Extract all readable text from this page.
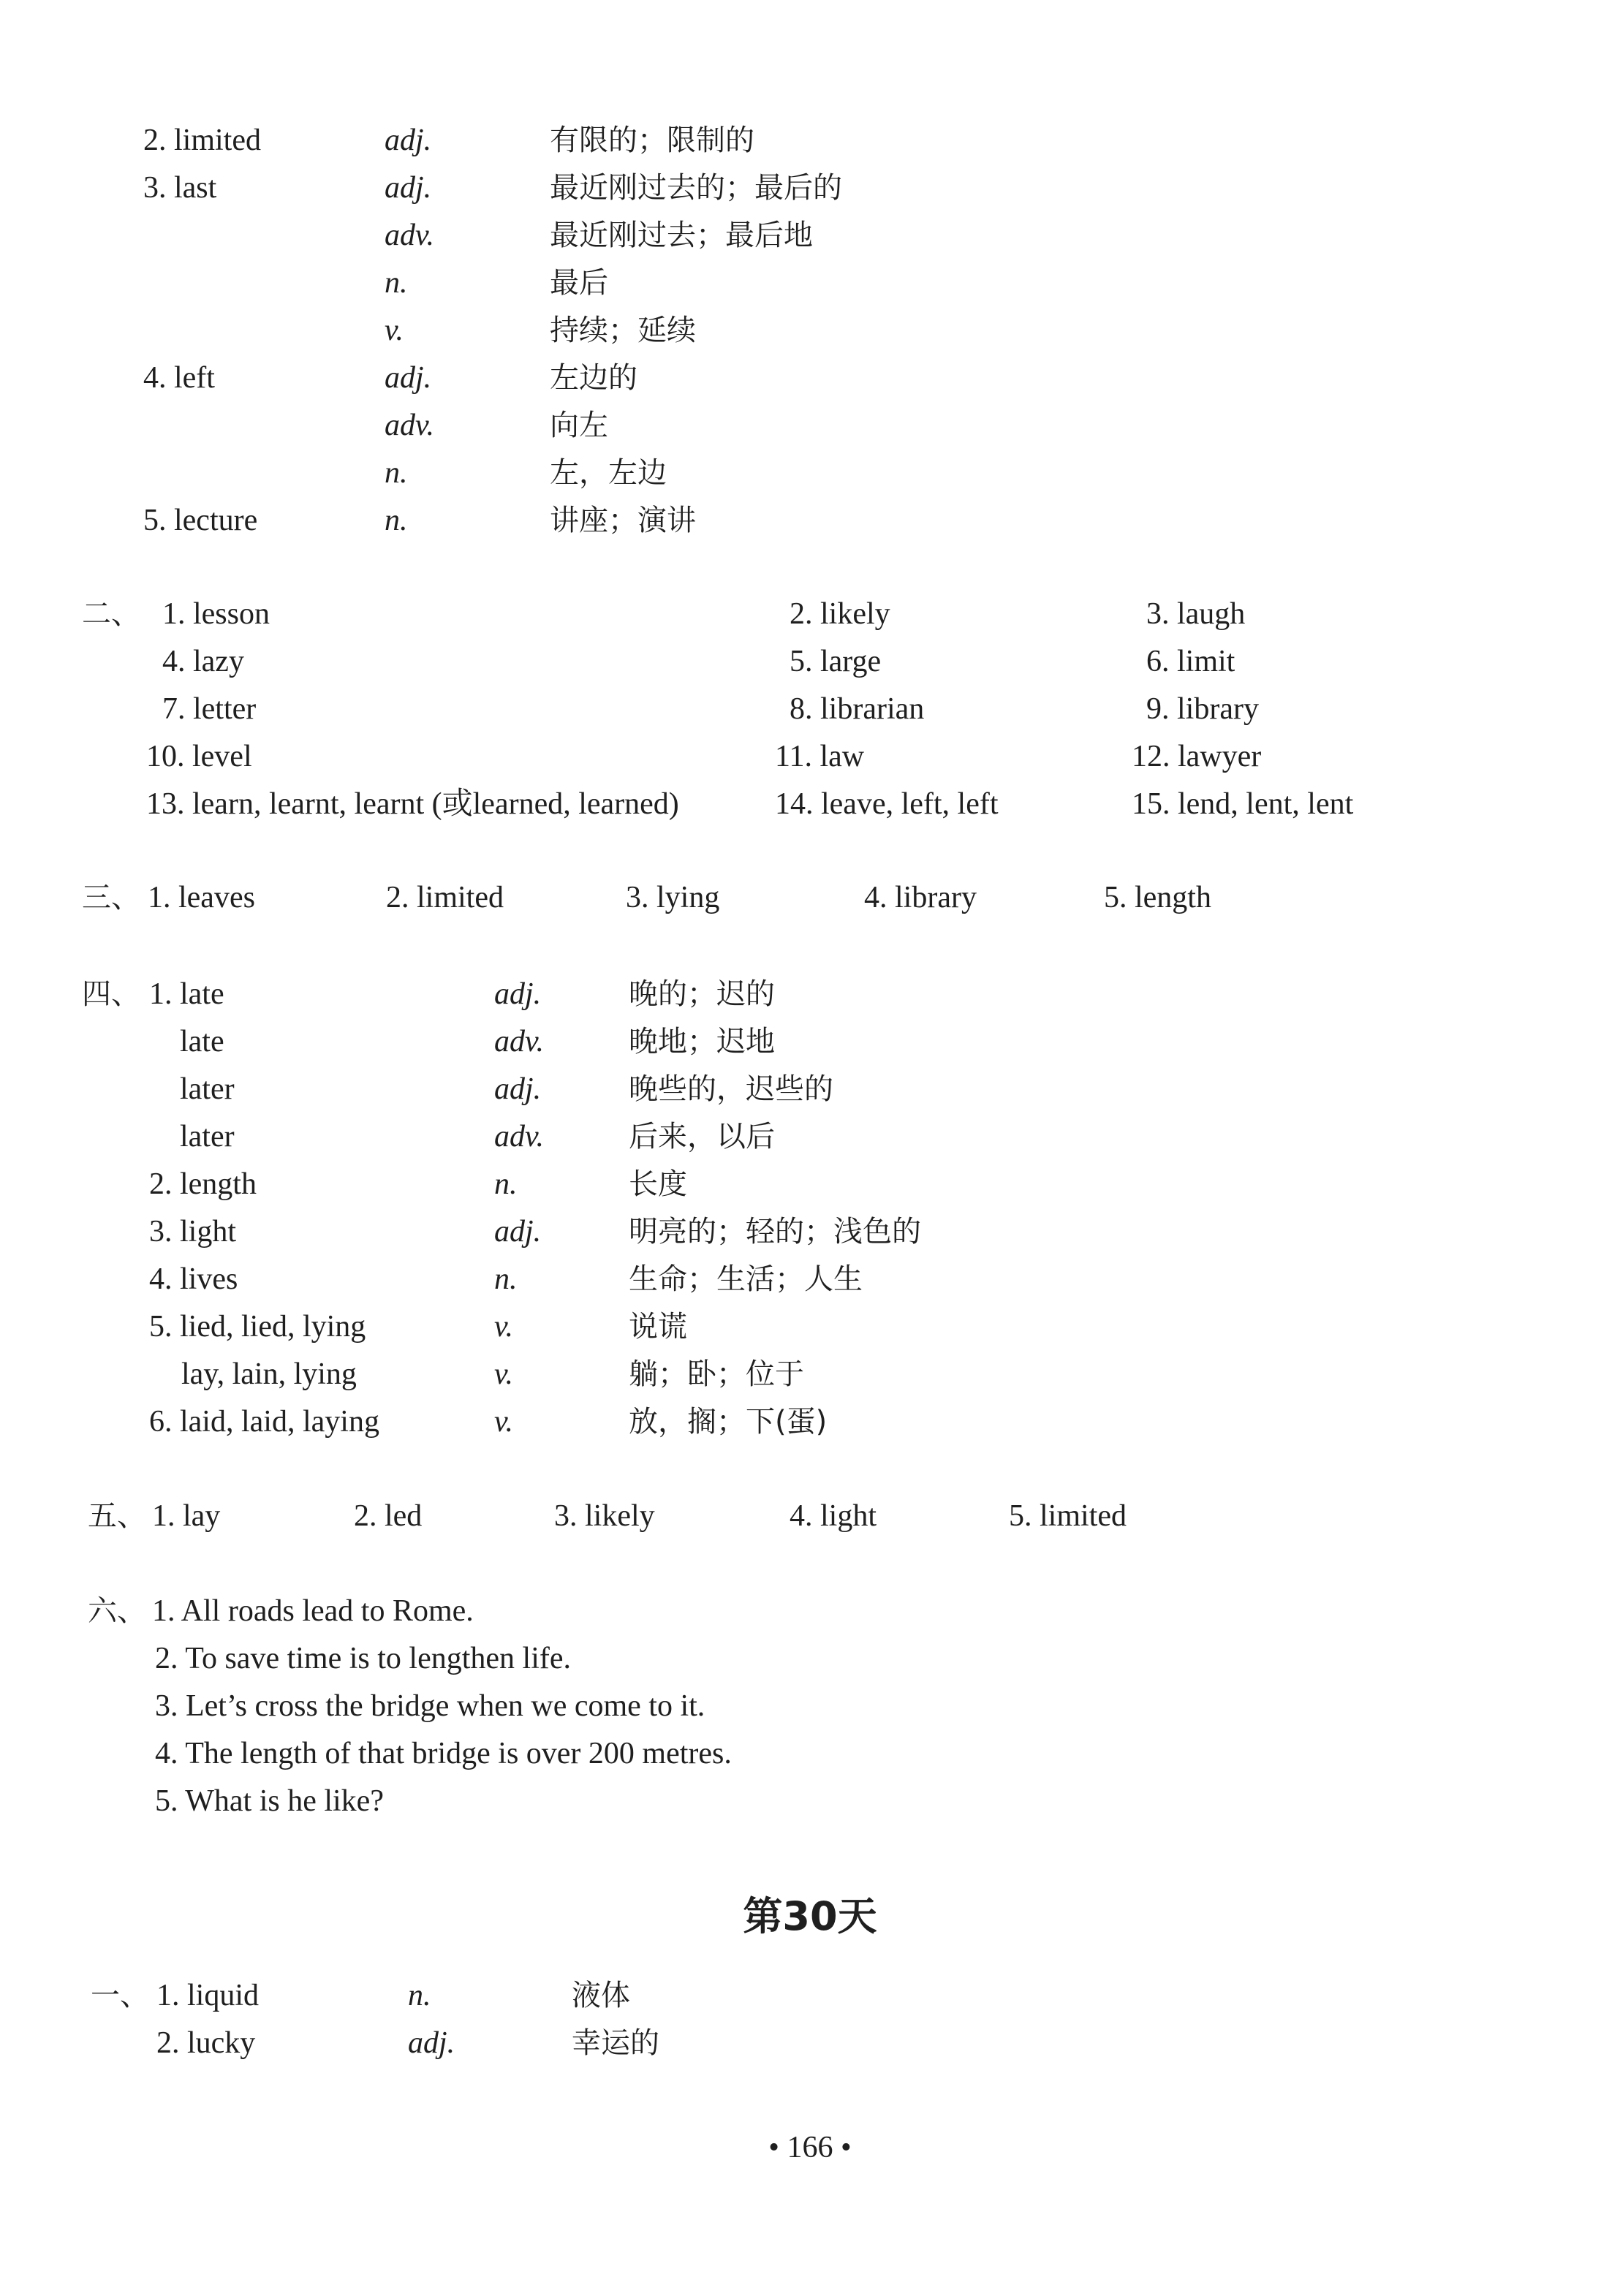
2. limited	adj.	有限的；限制的
3. last	adj.	最近刚过去的；最后的
adv.	最近刚过去；最后地
n.	最后
v.	持续；延续
4. left	adj.	左边的
adv.	向左
n.	左，左边
5. lecture	n.	讲座；演讲
二、 1. lesson	2. likely	3. laugh
4. lazy	5. large	6. limit
7. letter	8. librarian	9. library
10. level	11. law	12. lawyer
13. learn, learnt, learnt (或learned, learned)	14. leave, left, left	15. lend, lent, lent
三、 1. leaves	2. limited	3. lying	4. library	5. length
四、 1. late	adj.	晚的；迟的
late	adv.	晚地；迟地
later	adj.	晚些的，迟些的
later	adv.	后来，以后
2. length	n.	长度
3. light	adj.	明亮的；轻的；浅色的
4. lives	n.	生命；生活；人生
5. lied, lied, lying	v.	说谎
lay, lain, lying	v.	躺；卧；位于
6. laid, laid, laying	v.	放，搁；下(蛋)
五、 1. lay	2. led	3. likely	4. light	5. limited
六、 1. All roads lead to Rome.
2. To save time is to lengthen life.
3. Let’s cross the bridge when we come to it.
4. The length of that bridge is over 200 metres.
5. What is he like?
第30天
一、 1. liquid	n.	液体
2. lucky	adj.	幸运的
• 166 •
